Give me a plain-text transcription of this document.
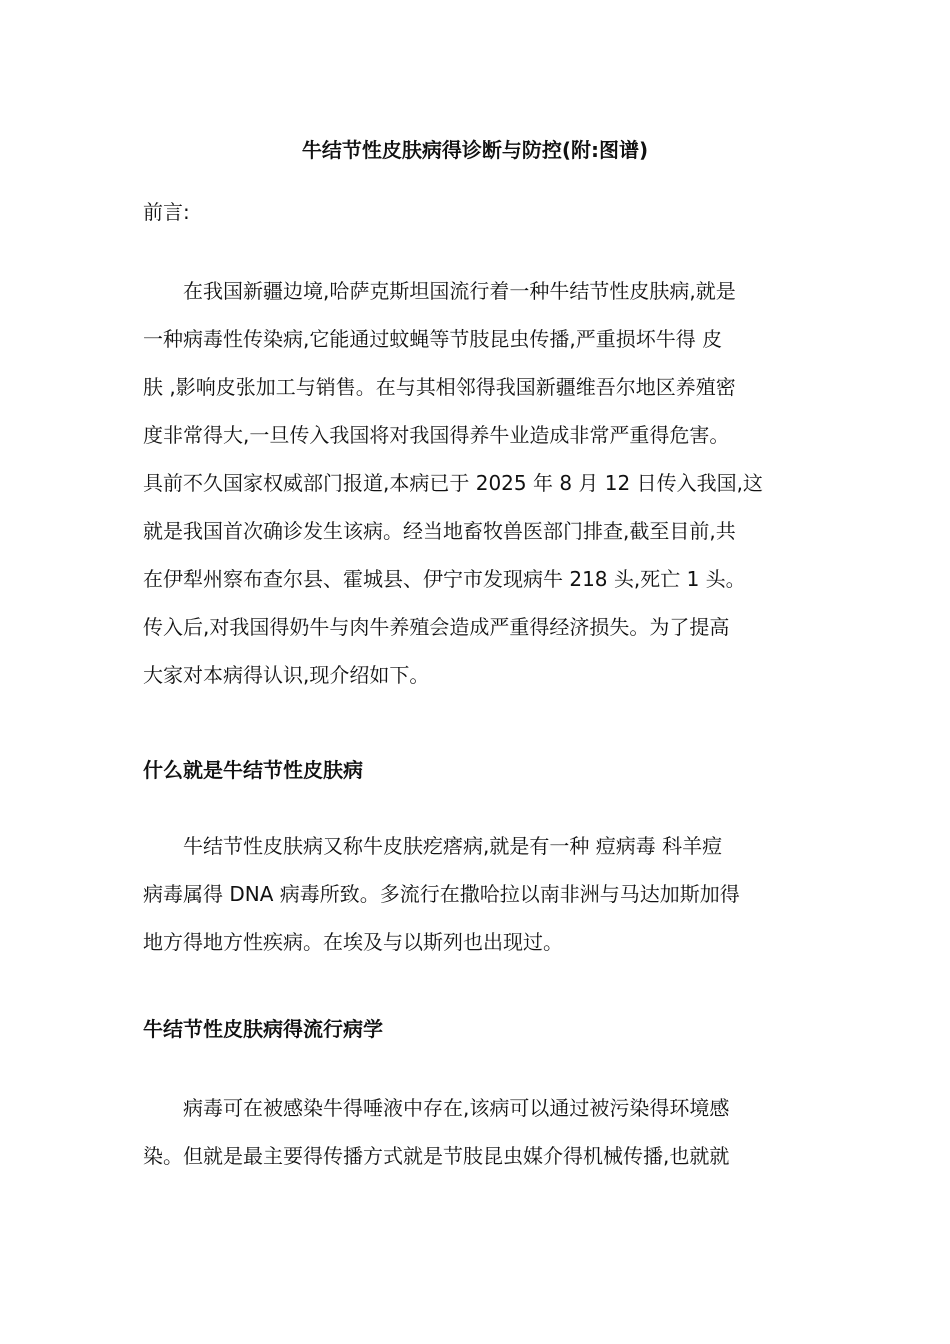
牛结节性皮肤病得诊断与防控(附:图谱)

前言:

　　在我国新疆边境,哈萨克斯坦国流行着一种牛结节性皮肤病,就是
一种病毒性传染病,它能通过蚊蝇等节肢昆虫传播,严重损坏牛得 皮
肤 ,影响皮张加工与销售。在与其相邻得我国新疆维吾尔地区养殖密
度非常得大,一旦传入我国将对我国得养牛业造成非常严重得危害。
具前不久国家权威部门报道,本病已于 2025 年 8 月 12 日传入我国,这
就是我国首次确诊发生该病。经当地畜牧兽医部门排查,截至目前,共
在伊犁州察布查尔县、霍城县、伊宁市发现病牛 218 头,死亡 1 头。
传入后,对我国得奶牛与肉牛养殖会造成严重得经济损失。为了提高
大家对本病得认识,现介绍如下。
什么就是牛结节性皮肤病
　　牛结节性皮肤病又称牛皮肤疙瘩病,就是有一种 痘病毒 科羊痘
病毒属得 DNA 病毒所致。多流行在撒哈拉以南非洲与马达加斯加得
地方得地方性疾病。在埃及与以斯列也出现过。
牛结节性皮肤病得流行病学
　　病毒可在被感染牛得唾液中存在,该病可以通过被污染得环境感
染。但就是最主要得传播方式就是节肢昆虫媒介得机械传播,也就就
